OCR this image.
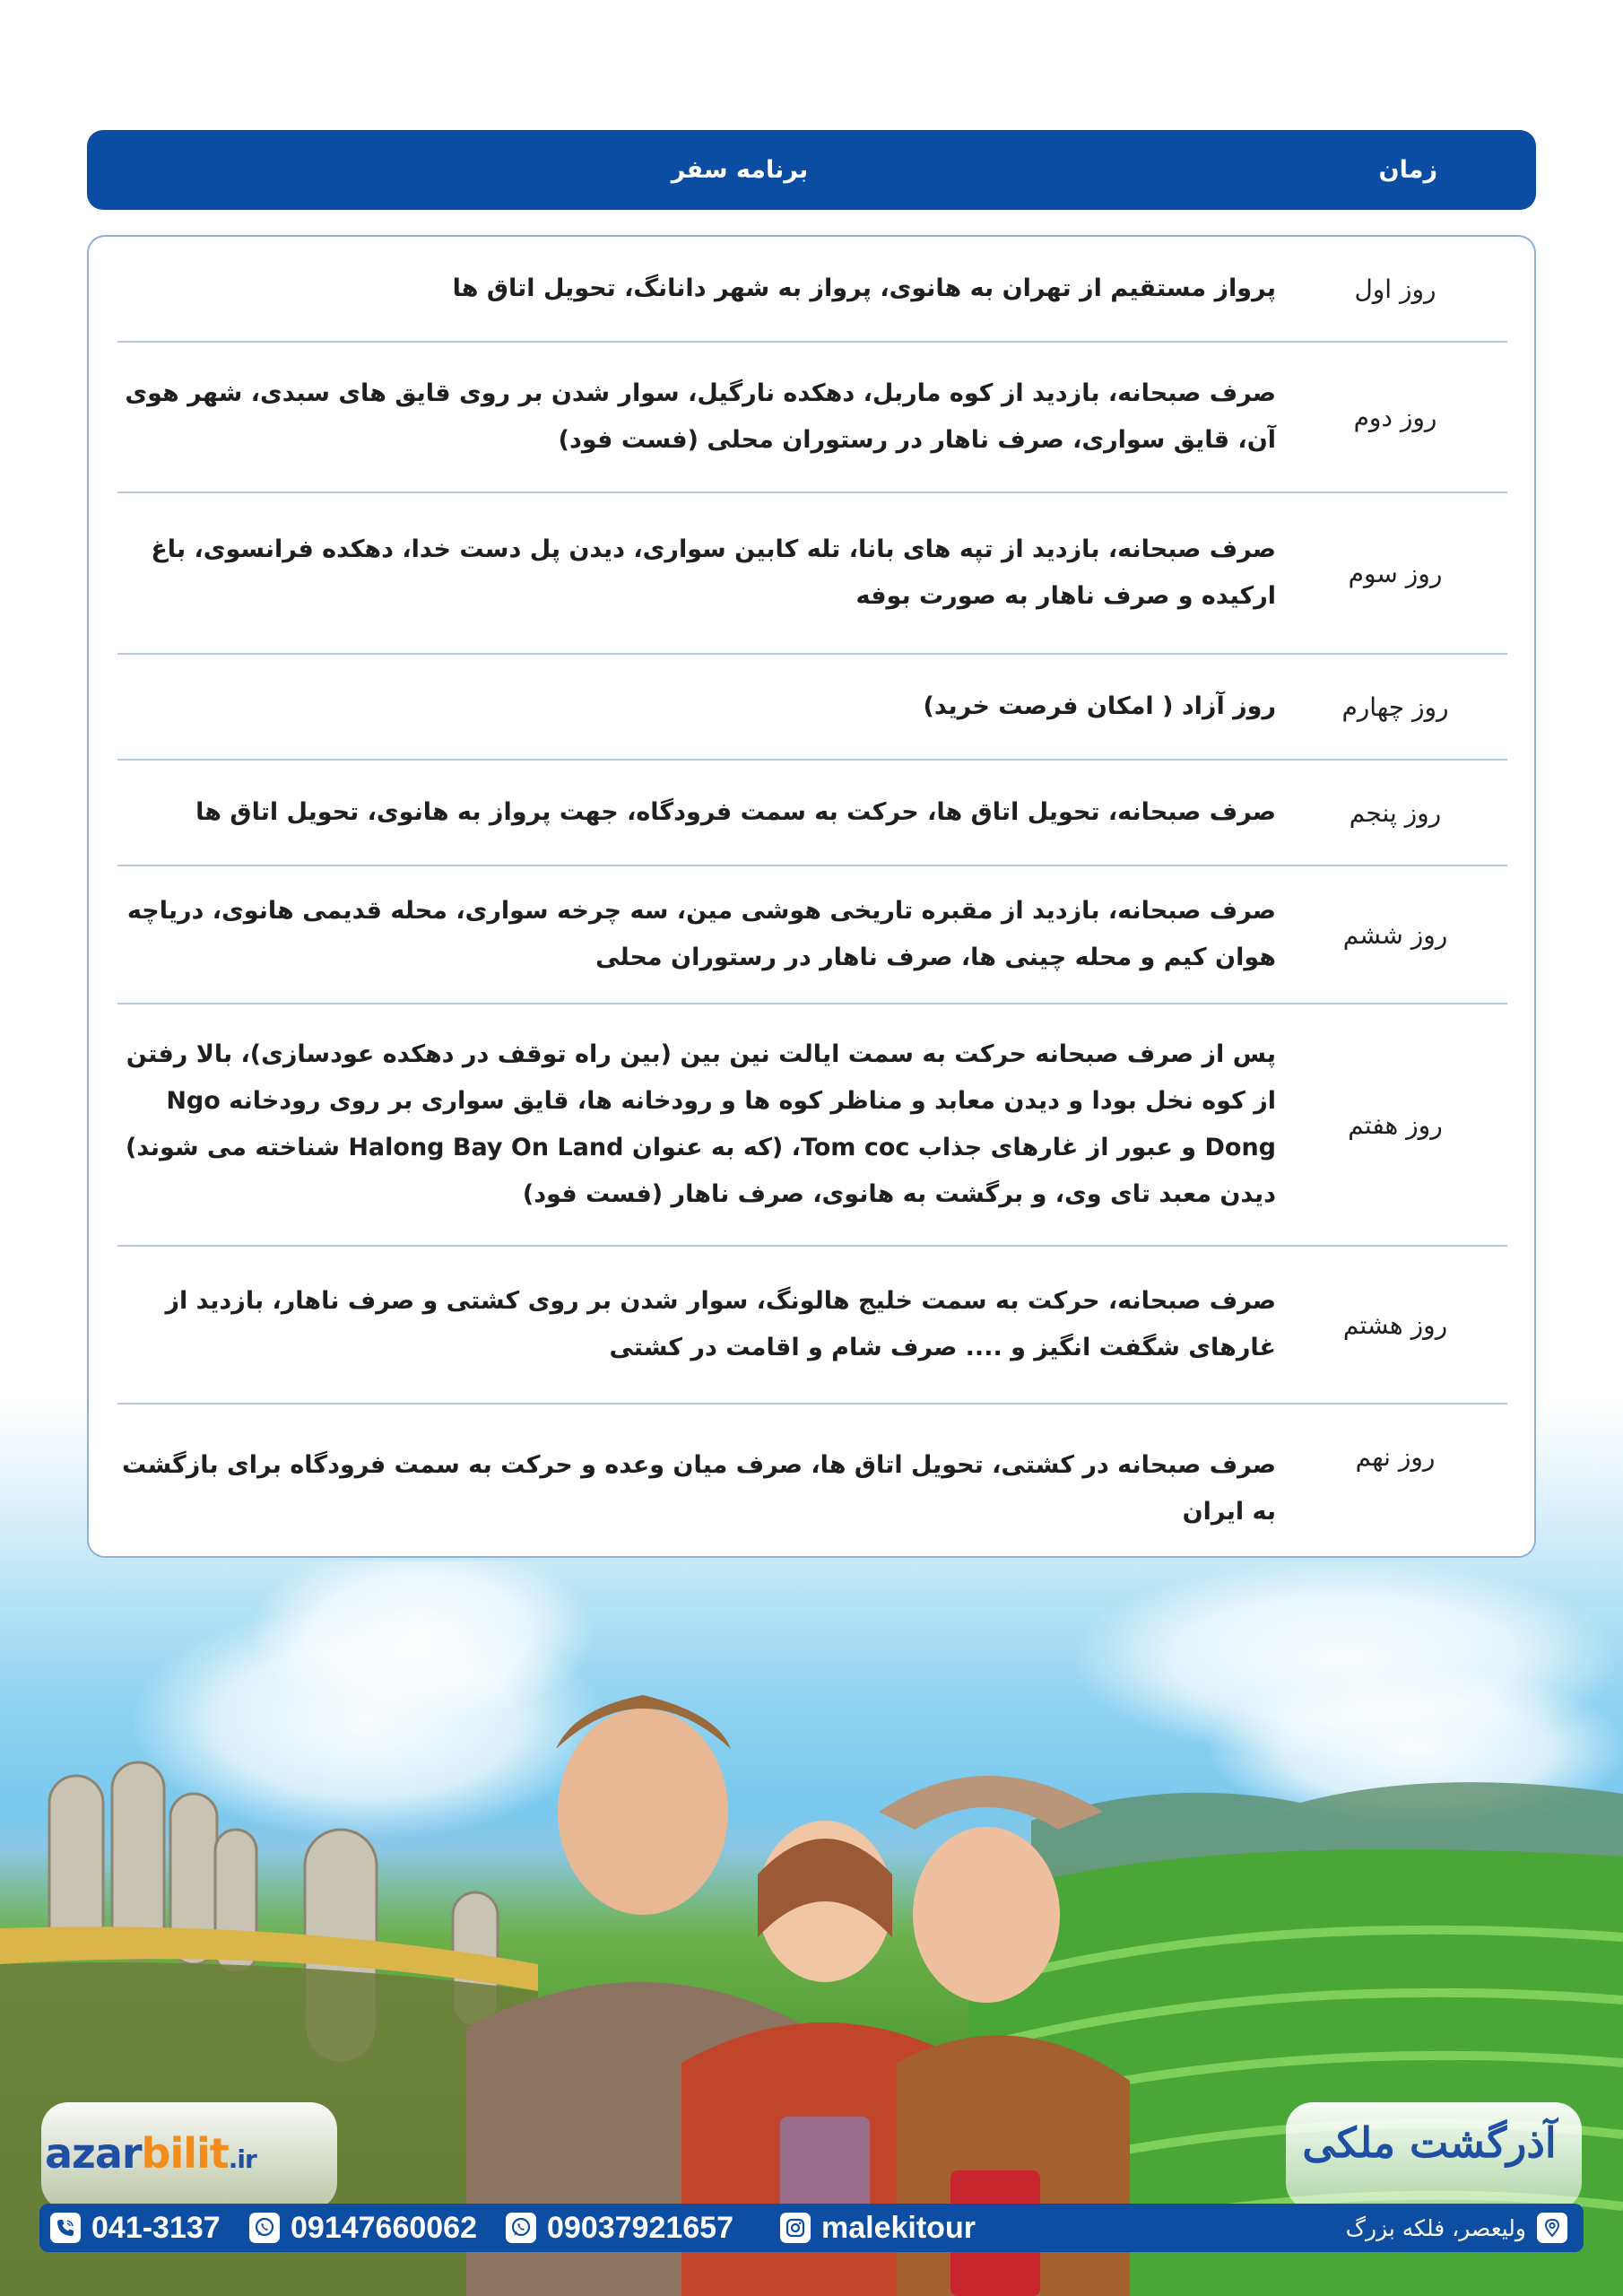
زمان
برنامه سفر
روز اول
پرواز مستقیم از تهران به هانوی، پرواز به شهر دانانگ، تحویل اتاق ها
روز دوم
صرف صبحانه، بازدید از کوه ماربل، دهکده نارگیل، سوار شدن بر روی قایق های سبدی، شهر هوی آن، قایق سواری، صرف ناهار در رستوران محلی (فست فود)
روز سوم
صرف صبحانه، بازدید از تپه های بانا، تله کابین سواری، دیدن پل دست خدا، دهکده فرانسوی، باغ ارکیده و صرف ناهار به صورت بوفه
روز چهارم
روز آزاد ( امکان فرصت خرید)
روز پنجم
صرف صبحانه، تحویل اتاق ها، حرکت به سمت فرودگاه، جهت پرواز به هانوی، تحویل اتاق ها
روز ششم
صرف صبحانه، بازدید از مقبره تاریخی هوشی مین، سه چرخه سواری، محله قدیمی هانوی، دریاچه هوان کیم و محله چینی ها، صرف ناهار در رستوران محلی
روز هفتم
پس از صرف صبحانه حرکت به سمت ایالت نین بین (بین راه توقف در دهکده عودسازی)، بالا رفتن از کوه نخل بودا و دیدن معابد و مناظر کوه ها و رودخانه ها، قایق سواری بر روی رودخانه Ngo Dong و عبور از غارهای جذاب Tom coc، (که به عنوان Halong Bay On Land شناخته می شوند) دیدن معبد تای وی، و برگشت به هانوی، صرف ناهار (فست فود)
روز هشتم
صرف صبحانه، حرکت به سمت خلیج هالونگ، سوار شدن بر روی کشتی و صرف ناهار، بازدید از غارهای شگفت انگیز و .... صرف شام و اقامت در کشتی
روز نهم
صرف صبحانه در کشتی، تحویل اتاق ها، صرف میان وعده و حرکت به سمت فرودگاه برای بازگشت به ایران
azarbilit.ir	آذرگشت ملکی
041-3137 09147660062 09037921657	malekitour	ولیعصر، فلکه بزرگ
